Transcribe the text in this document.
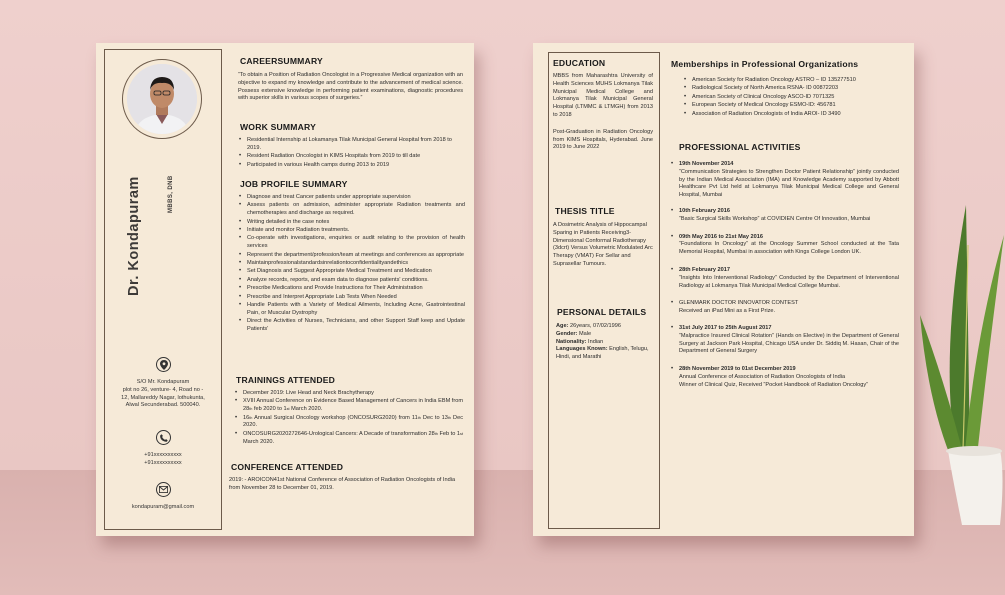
Dr. Kondapuram	MBBS, DNB
S/O Mr. Kondapuram
plot no 26, venture- 4, Road no -
12, Mallareddy Nagar, lothukunta,
Alwal Secunderabad. 500040.
+91xxxxxxxxxx
+91xxxxxxxxxx
kondapuram@gmail.com
CAREERSUMMARY
“To obtain a Position of Radiation Oncologist in a Progressive Medical organization with an objective to expand my knowledge and contribute to the advancement of medical science. Possess extensive knowledge in performing patient examinations, diagnostic procedures with superior skills in various scopes of surgeries.”
WORK SUMMARY
• Residential Internship at Lokamanya Tilak Municipal General Hospital from 2018 to 2019.
• Resident Radiation Oncologist in KIMS Hospitals from 2019 to till date
• Participated in various Health camps during 2013 to 2019
JOB PROFILE SUMMARY
• Diagnose and treat Cancer patients under appropriate supervision
• Assess patients on admission, administer appropriate Radiation treatments and chemotherapies and discharge as required.
• Writing detailed in the case notes
• Initiate and monitor Radiation treatments.
• Co-operate with investigations, enquiries or audit relating to the provision of health services
• Represent the department/profession/team at meetings and conferences as appropriate
• Maintainprofessionalstandardsinrelationtoconfidentialityandethics
• Set Diagnosis and Suggest Appropriate Medical Treatment and Medication
• Analyze records, reports, and exam data to diagnose patients' conditions.
• Prescribe Medications and Provide Instructions for Their Administration
• Prescribe and Interpret Appropriate Lab Tests When Needed
• Handle Patients with a Variety of Medical Ailments, Including Acne, Gastrointestinal Pain, or Muscular Dystrophy
• Direct the Activities of Nurses, Technicians, and other Support Staff keep and Update Patients'
TRAININGS ATTENDED
• December 2019: Live Head and Neck Brachytherapy
• XVIII Annual Conference on Evidence Based Management of Cancers in India EBM from 28th feb 2020 to 1st March 2020.
• 16th Annual Surgical Oncology workshop (ONCOSURG2020) from 11th Dec to 13th Dec 2020.
• ONCOSURG2020272646-Urological Cancers: A Decade of transformation 28th Feb to 1st March 2020.
CONFERENCE ATTENDED
2019: - AROICON41st National Conference of Association of Radiation Oncologists of India from November 28 to December 01, 2019.
EDUCATION

MBBS from Maharashtra University of Health Sciences MUHS Lokmanya Tilak Municipal Medical College and Lokmanya Tilak Municipal General Hospital (LTMMC & LTMGH) from 2013 to 2018

Post-Graduation in Radiation Oncology from KIMS Hospitals, Hyderabad. June 2019 to June 2022

THESIS TITLE
A Dosimetric Analysis of Hippocampal Sparing in Patients Receiving3-Dimensional Conformal Radiotherapy (3dcrt) Versus Volumetric Modulated Arc Therapy (VMAT) For Sellar and Suprasellar Tumours.
PERSONAL DETAILS
Age: 26years, 07/02/1996
Gender: Male
Nationality: Indian
Languages Known: English, Telugu, Hindi, and Marathi
Memberships in Professional Organizations
• American Society for Radiation Oncology ASTRO – ID 135277510
• Radiological Society of North America RSNA- ID 00872203
• American Society of Clinical Oncology ASCO-ID 7071325
• European Society of Medical Oncology ESMO-ID: 456781
• Association of Radiation Oncologists of India AROI- ID 3490
PROFESSIONAL ACTIVITIES
• 19th November 2014
“Communication Strategies to Strengthen Doctor Patient Relationship” jointly conducted by the Indian Medical Association (IMA) and Knowledge Academy supported by Abbott Healthcare Pvt Ltd held at Lokmanya Tilak Municipal Medical College and General Hospital, Mumbai
• 10th February 2016
“Basic Surgical Skills Workshop” at COVIDIEN Centre Of Innovation, Mumbai
• 09th May 2016 to 21st May 2016
“Foundations In Oncology” at the Oncology Summer School conducted at the Tata Memorial Hospital, Mumbai in association with Kings College London UK.
• 28th February 2017
“Insights Into Interventional Radiology” Conducted by the Department of Interventional Radiology at Lokmanya Tilak Municipal Medical College Mumbai.
• GLENMARK DOCTOR INNOVATOR CONTEST
Received an iPad Mini as a First Prize.
• 31st July 2017 to 25th August 2017
“Malpractice Insured Clinical Rotation” (Hands on Elective) in the Department of General Surgery at Jackson Park Hospital, Chicago USA under Dr. Siddiq M. Hasan, Chair of the Department of General Surgery
• 28th November 2019 to 01st December 2019
Annual Conference of Association of Radiation Oncologists of India
Winner of Clinical Quiz, Received “Pocket Handbook of Radiation Oncology”
